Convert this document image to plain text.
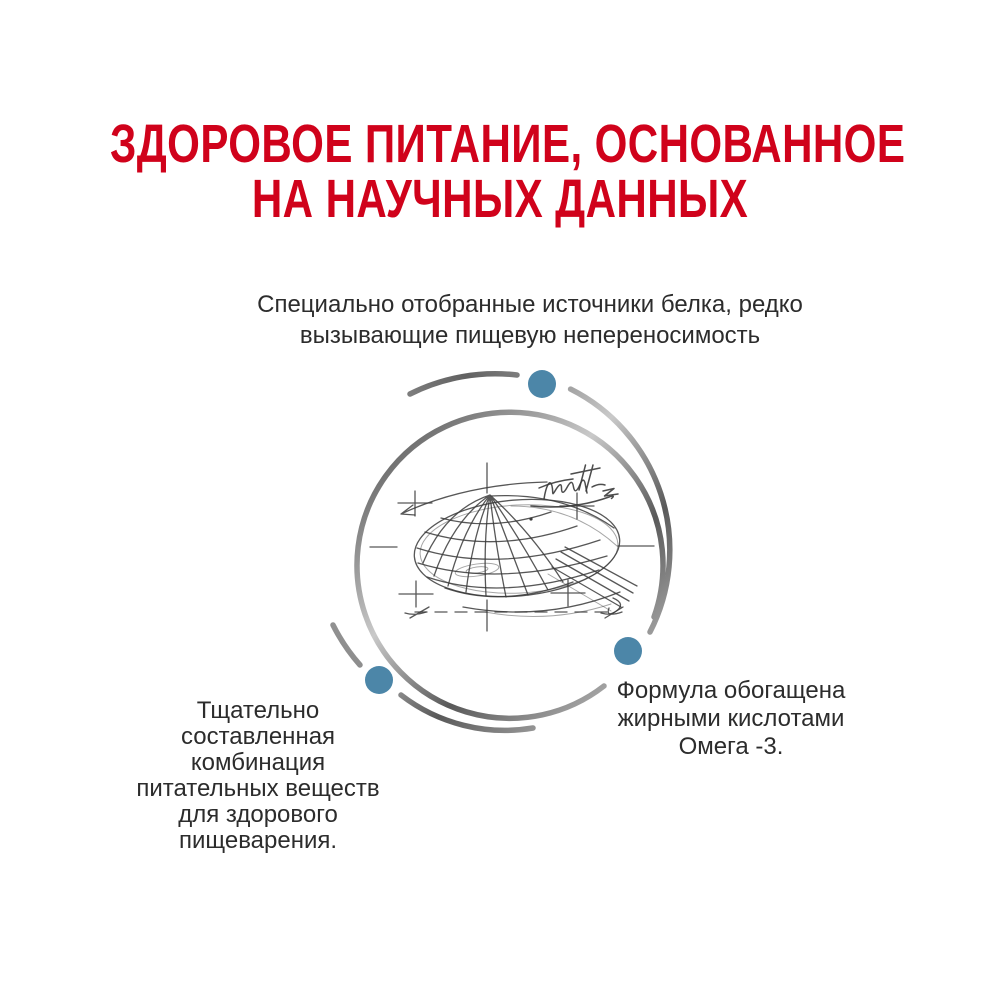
ЗДОРОВОЕ ПИТАНИЕ, ОСНОВАННОЕ
НА НАУЧНЫХ ДАННЫХ
Специально отобранные источники белка, редко
вызывающие пищевую непереносимость
Тщательно
составленная
комбинация
питательных веществ
для здорового
пищеварения.
Формула обогащена
жирными кислотами
Омега -3.
